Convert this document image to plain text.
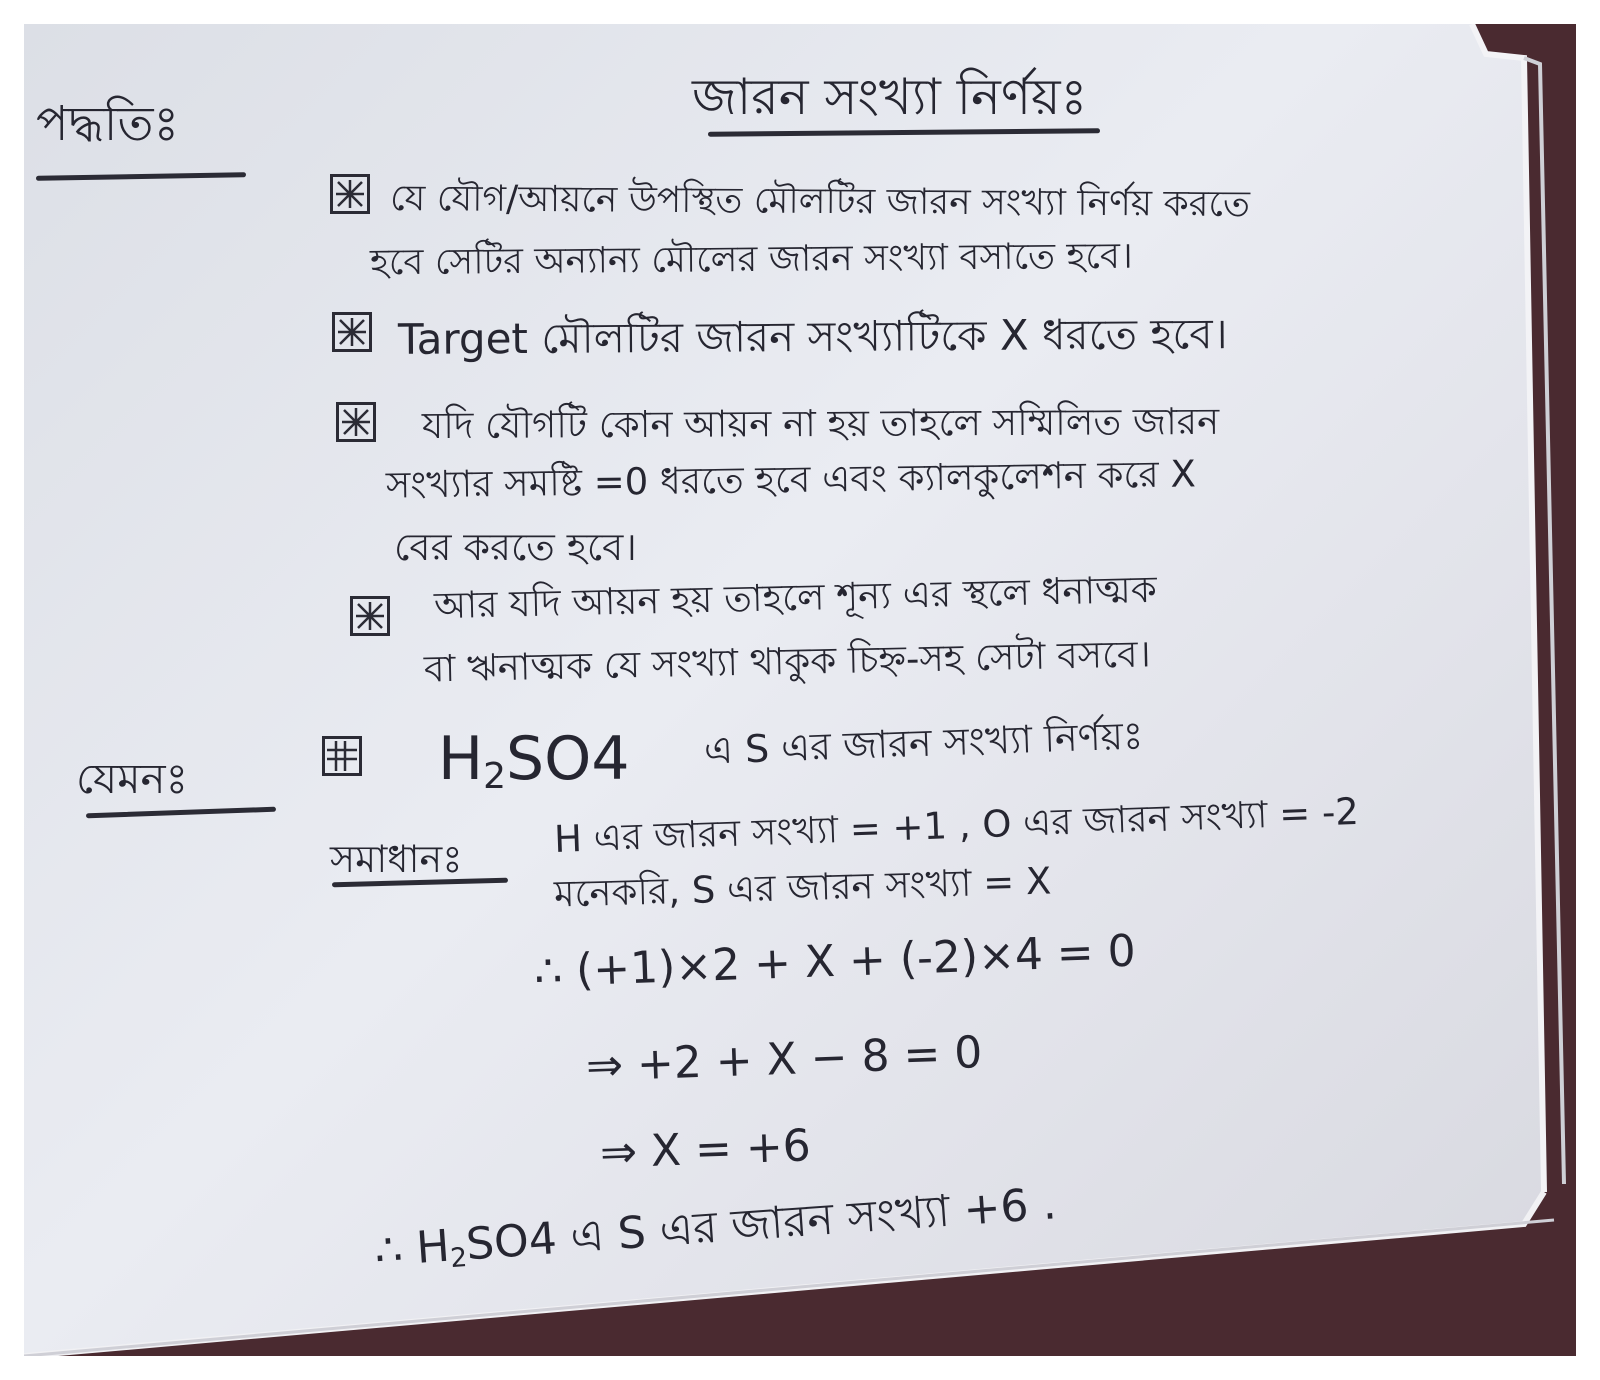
জারন সংখ্যা নির্ণয়ঃ
পদ্ধতিঃ
যে যৌগ/আয়নে উপস্থিত মৌলটির জারন সংখ্যা নির্ণয় করতে
হবে সেটির অন্যান্য মৌলের জারন সংখ্যা বসাতে হবে।
Target মৌলটির জারন সংখ্যাটিকে X ধরতে হবে।
যদি যৌগটি কোন আয়ন না হয় তাহলে সম্মিলিত জারন
সংখ্যার সমষ্টি =0 ধরতে হবে এবং ক্যালকুলেশন করে X
বের করতে হবে।
আর যদি আয়ন হয় তাহলে শূন্য এর স্থলে ধনাত্মক
বা ঋনাত্মক যে সংখ্যা থাকুক চিহ্ন-সহ সেটা বসবে।
যেমনঃ	$H_2SO4$ এ S এর জারন সংখ্যা নির্ণয়ঃ
সমাধানঃ H এর জারন সংখ্যা = +1 , O এর জারন সংখ্যা = -2
মনেকরি, S এর জারন সংখ্যা = X
∴ (+1)×2 + X + (-2)×4 = 0
⇒ +2 + X − 8 = 0
⇒ X = +6
∴ $H_2SO4$ এ S এর জারন সংখ্যা +6 .
